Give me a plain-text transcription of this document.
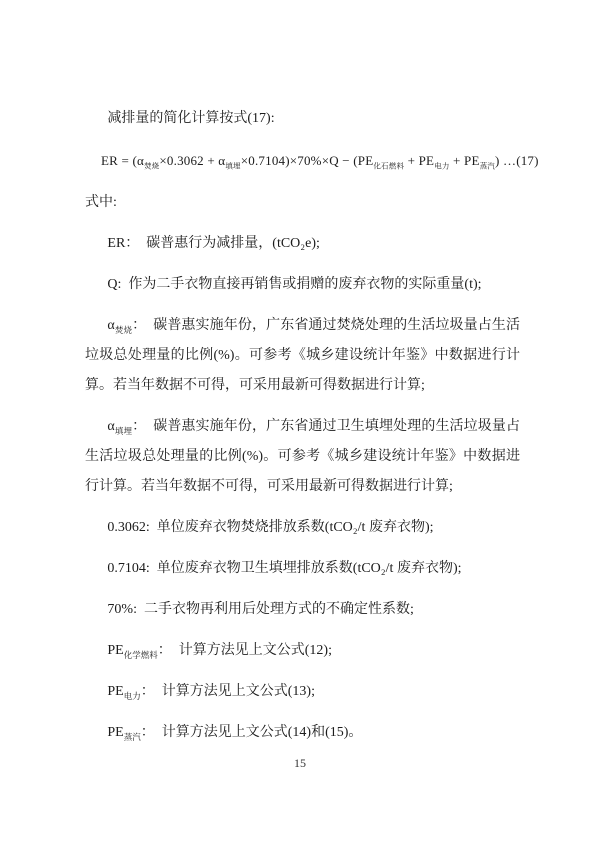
减排量的简化计算按式(17):

ER = $(\alpha_{焚烧}\times 0.3062 + \alpha_{填埋}\times 0.7104)\times 70\%\times Q - (PE_{化石燃料} + PE_{电力} + PE_{蒸汽})$ …(17)

式中:

ER： 碳普惠行为减排量，(tCO₂e);

Q: 作为二手衣物直接再销售或捐赠的废弃衣物的实际重量(t);

$\alpha_{焚烧}$： 碳普惠实施年份，广东省通过焚烧处理的生活垃圾量占生活垃圾总处理量的比例(%)。可参考《城乡建设统计年鉴》中数据进行计算。若当年数据不可得，可采用最新可得数据进行计算;

$\alpha_{填埋}$： 碳普惠实施年份，广东省通过卫生填埋处理的生活垃圾量占生活垃圾总处理量的比例(%)。可参考《城乡建设统计年鉴》中数据进行计算。若当年数据不可得，可采用最新可得数据进行计算;

0.3062: 单位废弃衣物焚烧排放系数(tCO₂/t 废弃衣物);

0.7104: 单位废弃衣物卫生填埋排放系数(tCO₂/t 废弃衣物);

70%: 二手衣物再利用后处理方式的不确定性系数;

$PE_{化学燃料}$： 计算方法见上文公式(12);

$PE_{电力}$： 计算方法见上文公式(13);

$PE_{蒸汽}$： 计算方法见上文公式(14)和(15)。

15
